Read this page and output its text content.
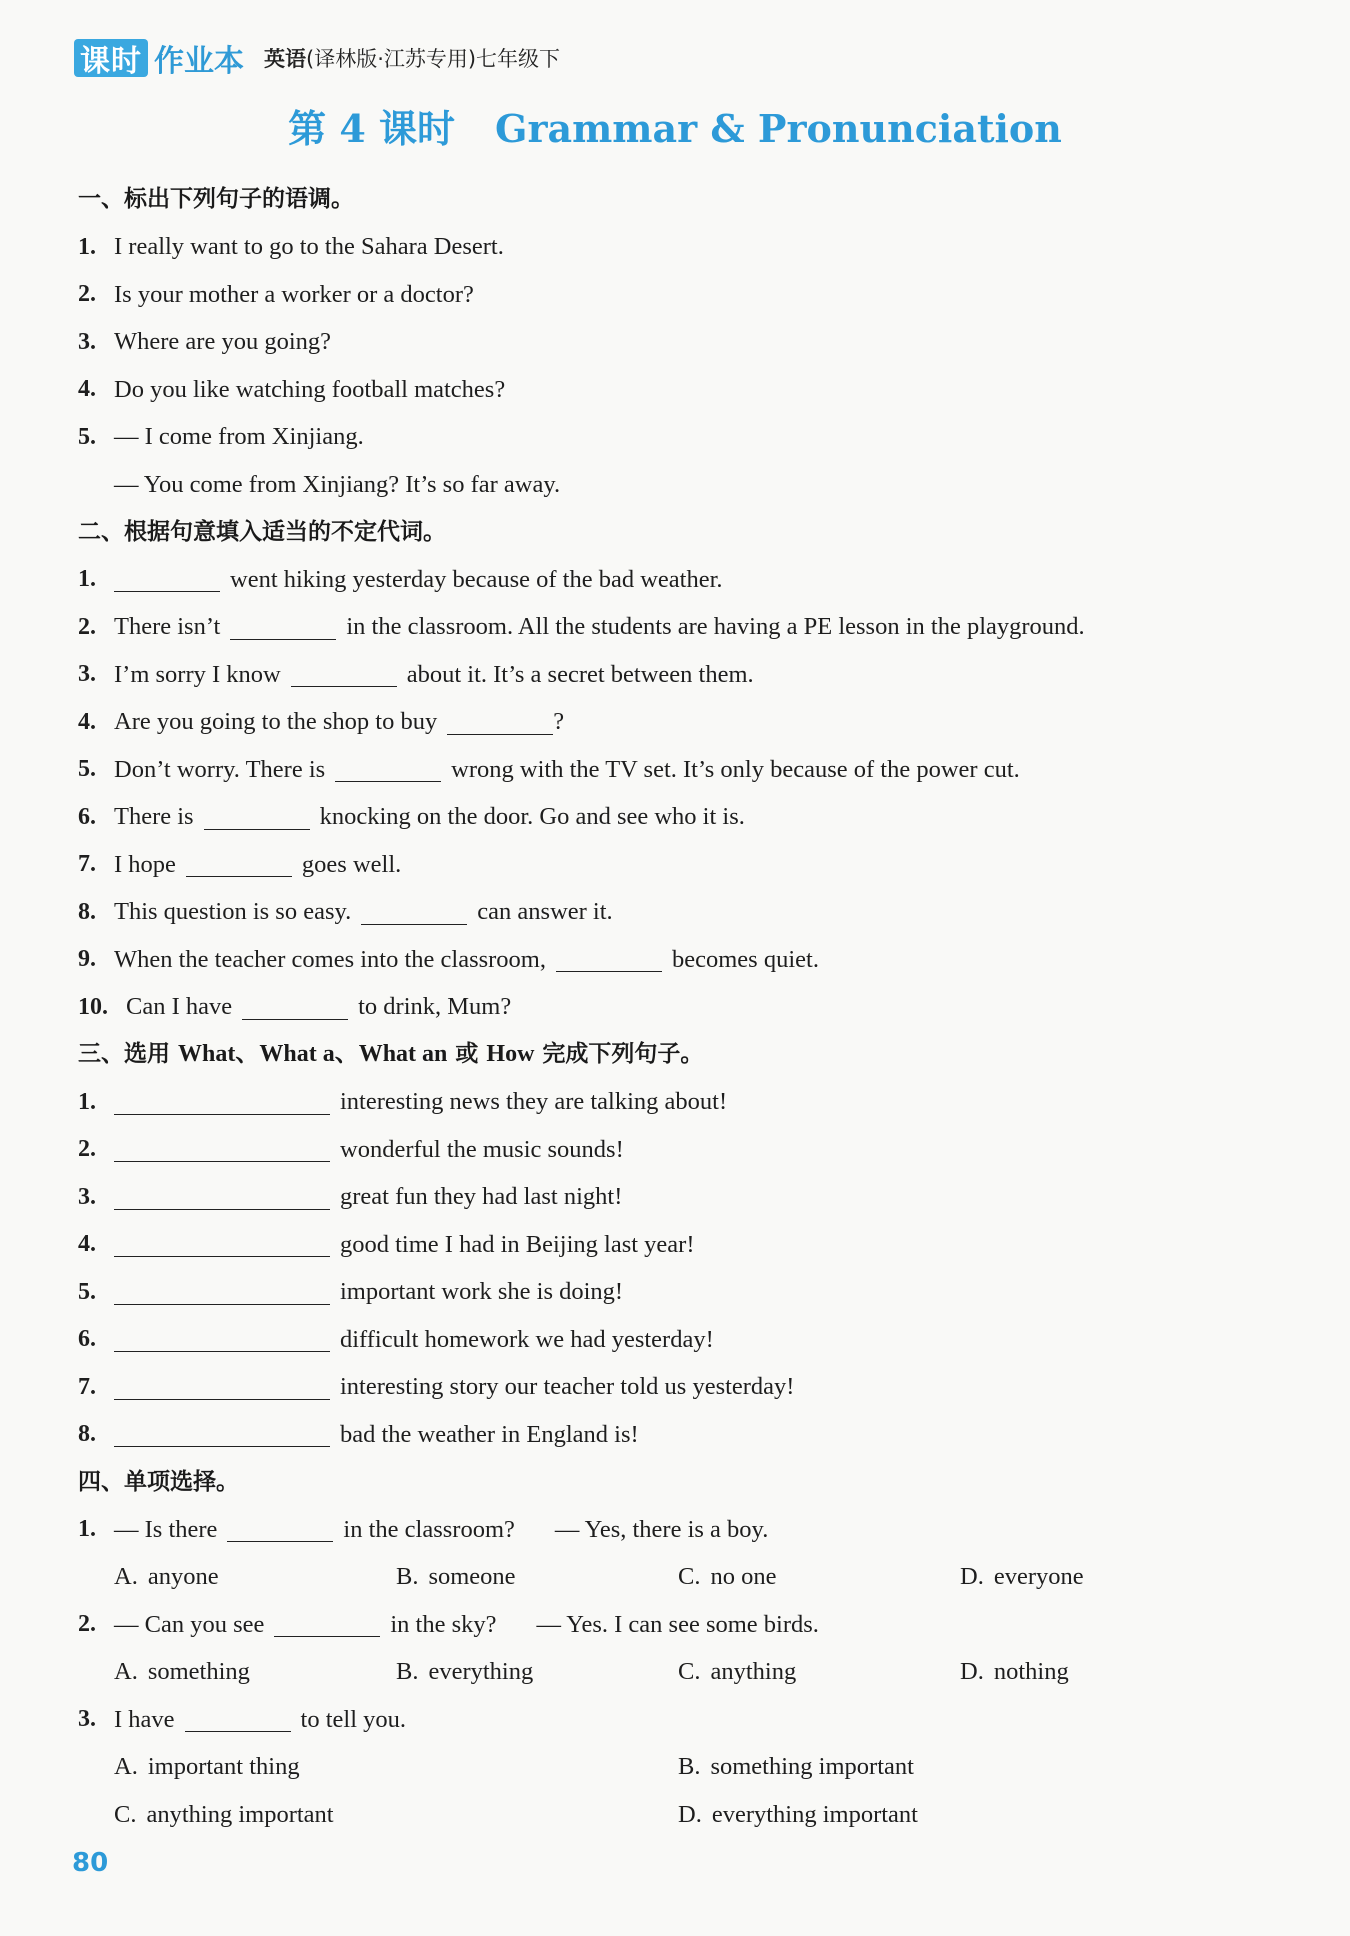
课时 作业本 英语(译林版·江苏专用)七年级下
第 4 课时 Grammar & Pronunciation
一、标出下列句子的语调。
1. I really want to go to the Sahara Desert.
2. Is your mother a worker or a doctor?
3. Where are you going?
4. Do you like watching football matches?
5. — I come from Xinjiang.
— You come from Xinjiang? It’s so far away.
二、根据句意填入适当的不定代词。
1.	went hiking yesterday because of the bad weather.
2. There isn’t	in the classroom. All the students are having a PE lesson in the playground.
3. I’m sorry I know	about it. It’s a secret between them.
4. Are you going to the shop to buy	?
5. Don’t worry. There is	wrong with the TV set. It’s only because of the power cut.
6. There is	knocking on the door. Go and see who it is.
7. I hope	goes well.
8. This question is so easy.	can answer it.
9. When the teacher comes into the classroom,	becomes quiet.
10. Can I have	to drink, Mum?
三、选用 What、What a、What an 或 How 完成下列句子。
1.	interesting news they are talking about!
2.	wonderful the music sounds!
3.	great fun they had last night!
4.	good time I had in Beijing last year!
5.	important work she is doing!
6.	difficult homework we had yesterday!
7.	interesting story our teacher told us yesterday!
8.	bad the weather in England is!
四、单项选择。
1. — Is there	in the classroom? — Yes, there is a boy.
A. anyone	B. someone	C. no one	D. everyone
2. — Can you see	in the sky? — Yes. I can see some birds.
A. something	B. everything	C. anything	D. nothing
3. I have	to tell you.
A. important thing	B. something important
C. anything important	D. everything important
80
